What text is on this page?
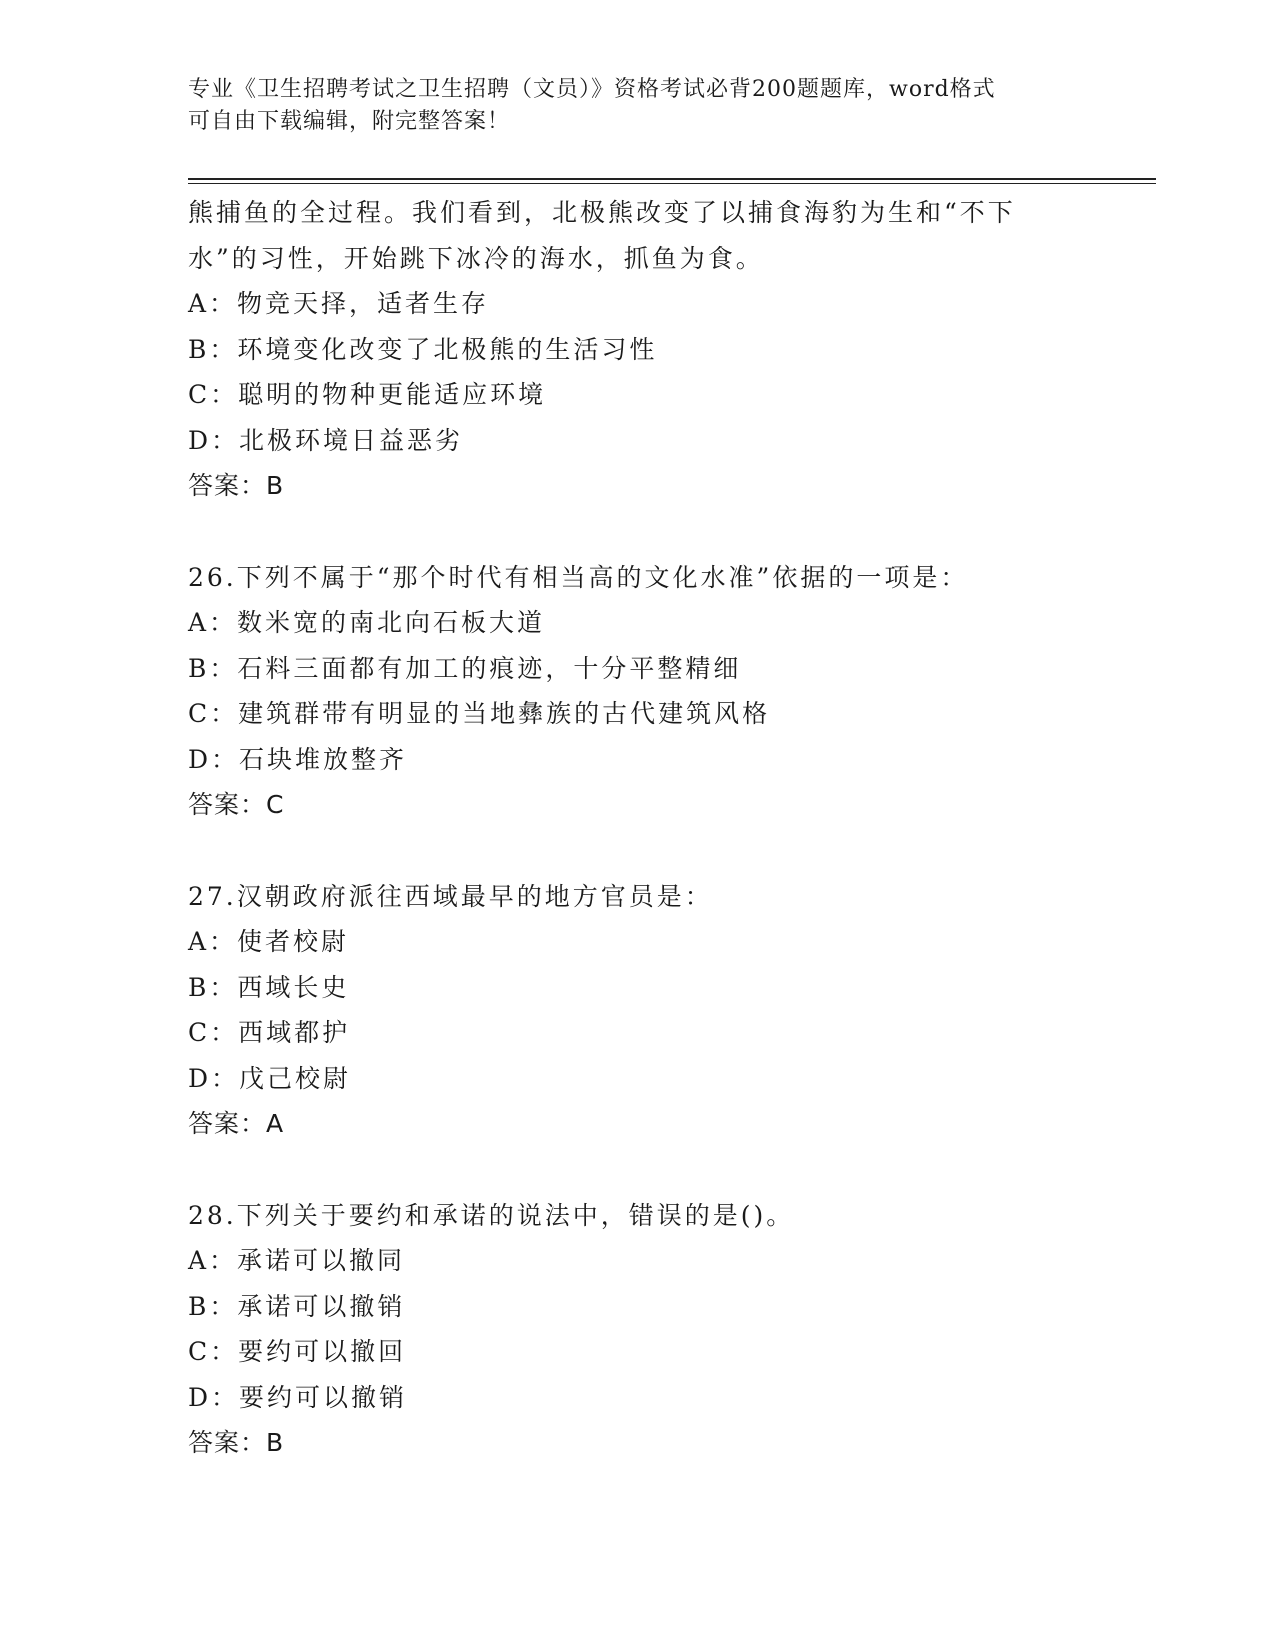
专业《卫生招聘考试之卫生招聘（文员）》资格考试必背200题题库，word格式
可自由下载编辑，附完整答案！
熊捕鱼的全过程。我们看到，北极熊改变了以捕食海豹为生和“不下
水”的习性，开始跳下冰冷的海水，抓鱼为食。
A：物竞天择，适者生存
B：环境变化改变了北极熊的生活习性
C：聪明的物种更能适应环境
D：北极环境日益恶劣
答案：B
26.下列不属于“那个时代有相当高的文化水准”依据的一项是：
A：数米宽的南北向石板大道
B：石料三面都有加工的痕迹，十分平整精细
C：建筑群带有明显的当地彝族的古代建筑风格
D：石块堆放整齐
答案：C
27.汉朝政府派往西域最早的地方官员是：
A：使者校尉
B：西域长史
C：西域都护
D：戊己校尉
答案：A
28.下列关于要约和承诺的说法中，错误的是()。
A：承诺可以撤同
B：承诺可以撤销
C：要约可以撤回
D：要约可以撤销
答案：B
